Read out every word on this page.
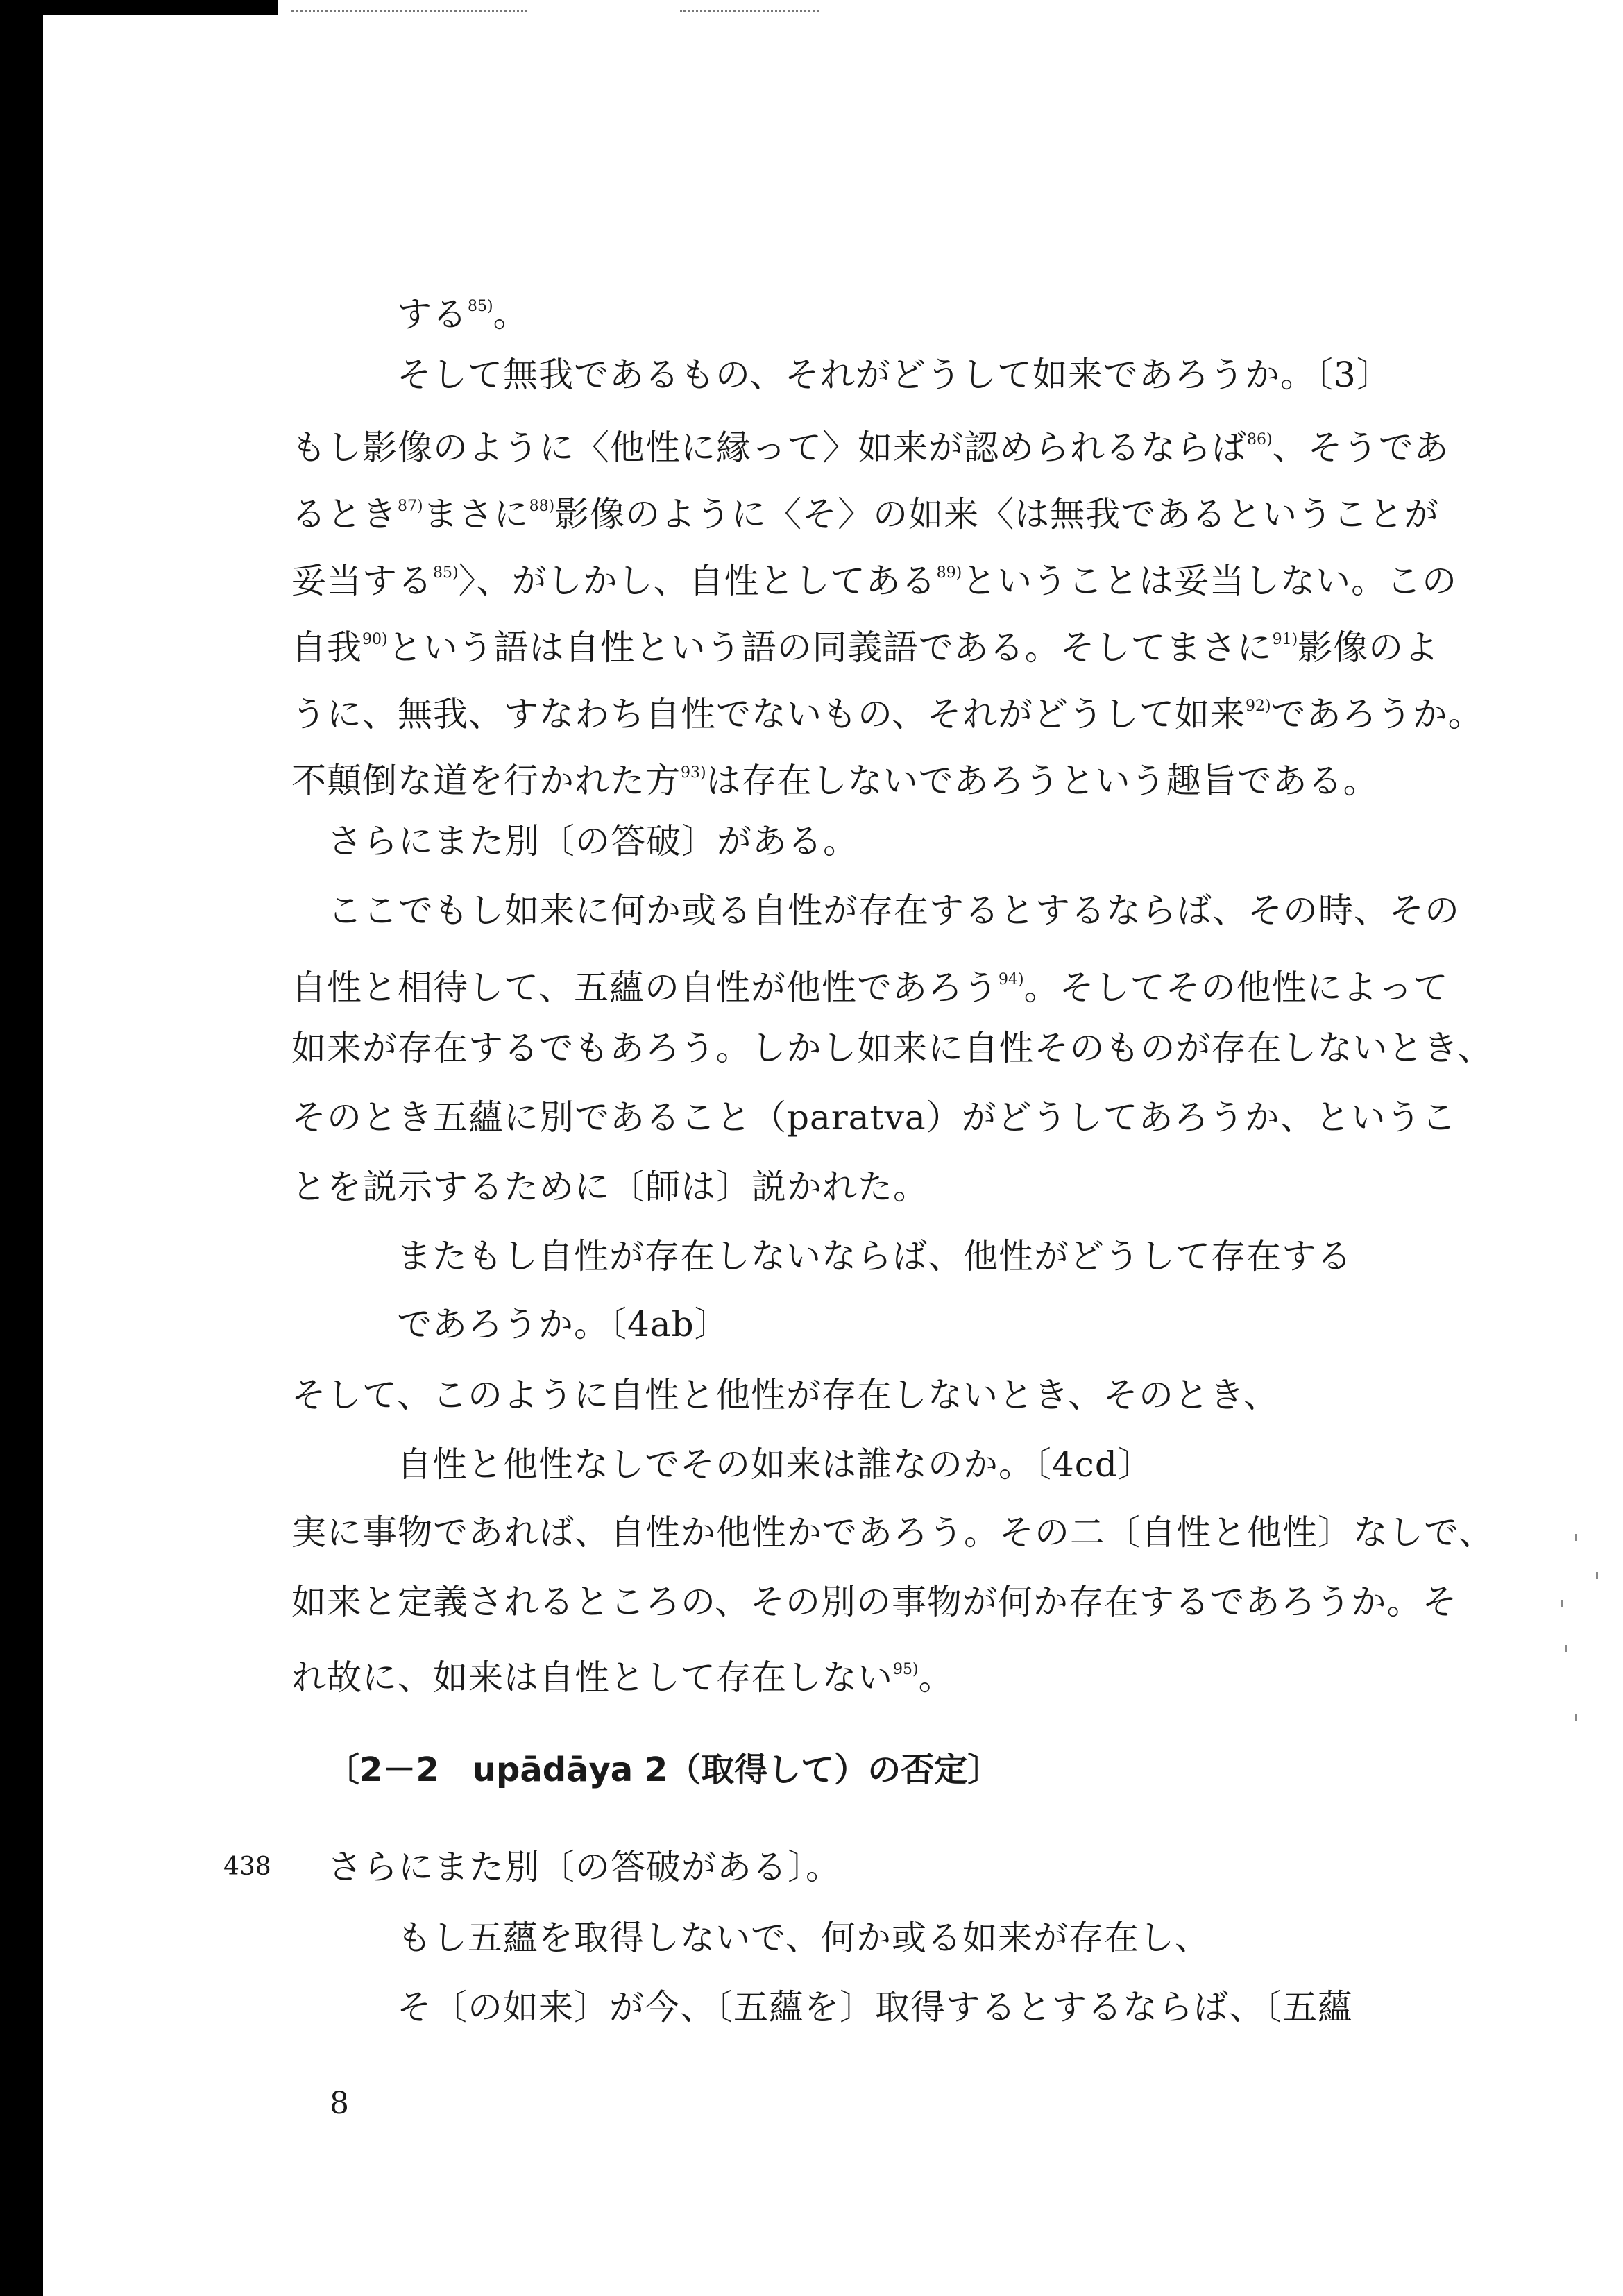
する$^{85)}$。
そして無我であるもの、それがどうして如来であろうか。〔3〕
もし影像のように〈他性に縁って〉如来が認められるならば$^{86)}$、そうであ
るとき$^{87)}$まさに$^{88)}$影像のように〈そ〉の如来〈は無我であるということが
妥当する$^{85)}$〉、がしかし、自性としてある$^{89)}$ということは妥当しない。この
自我$^{90)}$という語は自性という語の同義語である。そしてまさに$^{91)}$影像のよ
うに、無我、すなわち自性でないもの、それがどうして如来$^{92)}$であろうか。
不顛倒な道を行かれた方$^{93)}$は存在しないであろうという趣旨である。
さらにまた別〔の答破〕がある。
ここでもし如来に何か或る自性が存在するとするならば、その時、その
自性と相待して、五蘊の自性が他性であろう$^{94)}$。そしてその他性によって
如来が存在するでもあろう。しかし如来に自性そのものが存在しないとき、
そのとき五蘊に別であること（paratva）がどうしてあろうか、というこ
とを説示するために〔師は〕説かれた。
またもし自性が存在しないならば、他性がどうして存在する
であろうか。〔4ab〕
そして、このように自性と他性が存在しないとき、そのとき、
自性と他性なしでその如来は誰なのか。〔4cd〕
実に事物であれば、自性か他性かであろう。その二〔自性と他性〕なしで、
如来と定義されるところの、その別の事物が何か存在するであろうか。そ
れ故に、如来は自性として存在しない$^{95)}$。
〔2－2　upādāya 2（取得して）の否定〕
438 さらにまた別〔の答破がある〕。
もし五蘊を取得しないで、何か或る如来が存在し、
そ〔の如来〕が今、〔五蘊を〕取得するとするならば、〔五蘊
8
